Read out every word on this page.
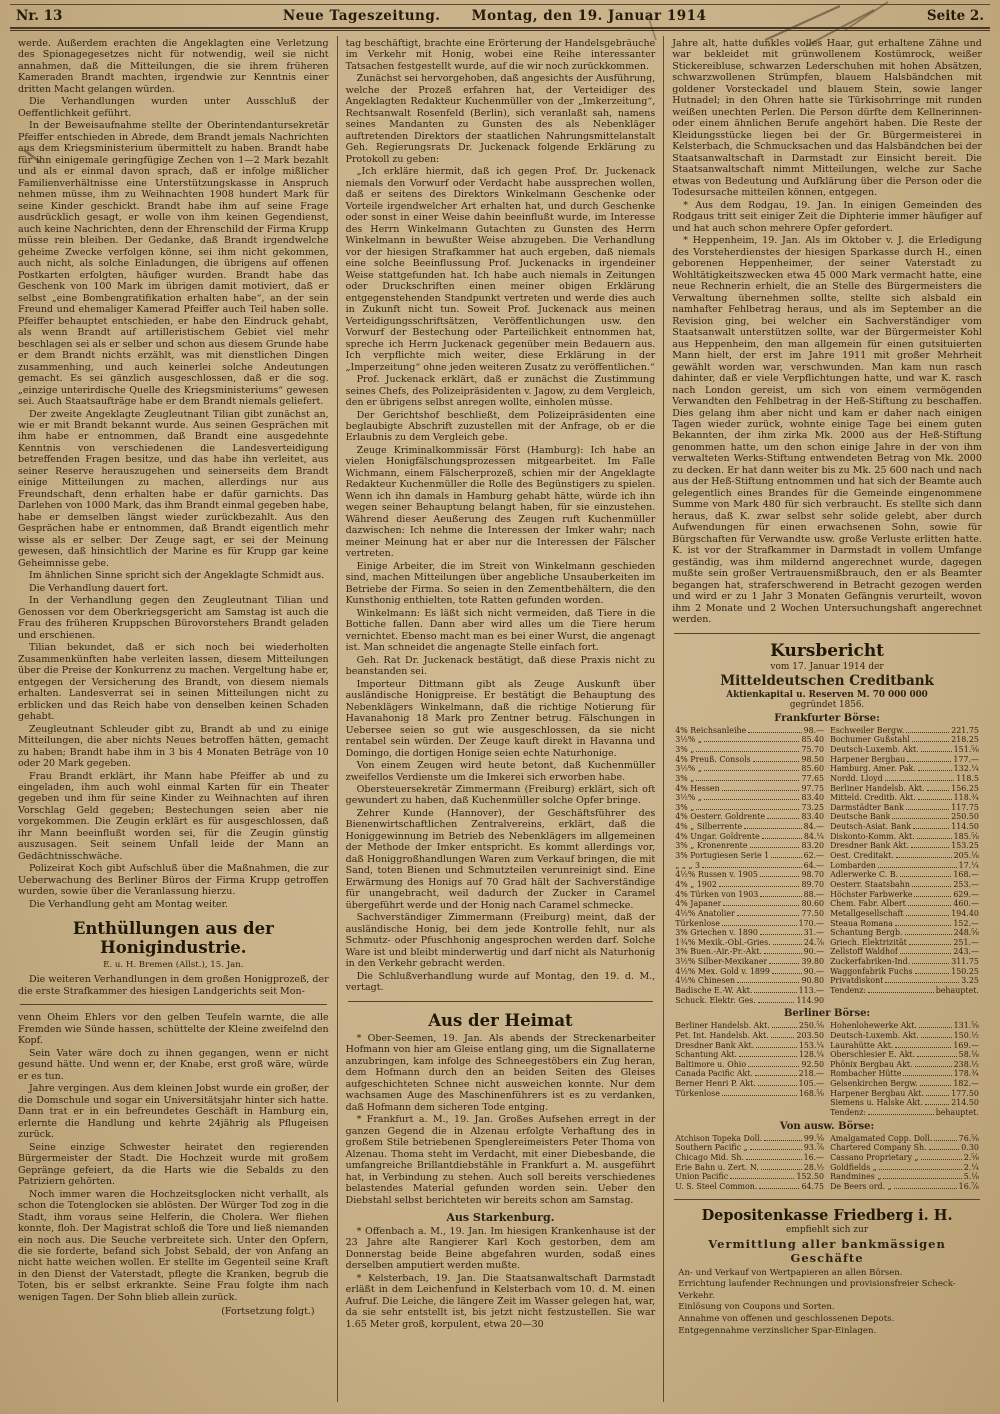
Nr. 13	Neue Tageszeitung. Montag, den 19. Januar 1914	Seite 2.
werde. Außerdem erachten die Angeklagten eine Verletzung des Spionagegesetzes nicht für notwendig, weil sie nicht annahmen, daß die Mitteilungen, die sie ihrem früheren Kameraden Brandt machten, irgendwie zur Kenntnis einer dritten Macht gelangen würden.
Die Verhandlungen wurden unter Ausschluß der Oeffentlichkeit geführt.
In der Beweisaufnahme stellte der Oberintendantursekretär Pfeiffer entschieden in Abrede, dem Brandt jemals Nachrichten aus dem Kriegsministerium übermittelt zu haben. Brandt habe für ihn einigemale geringfügige Zechen von 1—2 Mark bezahlt und als er einmal davon sprach, daß er infolge mißlicher Familienverhältnisse eine Unterstützungskasse in Anspruch nehmen müsse, ihm zu Weihnachten 1908 hundert Mark für seine Kinder geschickt. Brandt habe ihm auf seine Frage ausdrücklich gesagt, er wolle von ihm keinen Gegendienst, auch keine Nachrichten, denn der Ehrenschild der Firma Krupp müsse rein bleiben. Der Gedanke, daß Brandt irgendwelche geheime Zwecke verfolgen könne, sei ihm nicht gekommen, auch nicht, als solche Einladungen, die übrigens auf offenen Postkarten erfolgten, häufiger wurden. Brandt habe das Geschenk von 100 Mark im übrigen damit motiviert, daß er selbst „eine Bombengratifikation erhalten habe“, an der sein Freund und ehemaliger Kamerad Pfeiffer auch Teil haben solle. Pfeiffer behauptet entschieden, er habe den Eindruck gehabt, als wenn Brandt auf artilleristischem Gebiet viel mehr beschlagen sei als er selber und schon aus diesem Grunde habe er dem Brandt nichts erzählt, was mit dienstlichen Dingen zusammenhing, und auch keinerlei solche Andeutungen gemacht. Es sei gänzlich ausgeschlossen, daß er die sog. „einzige unterirdische Quelle des Kriegsministeriums“ gewesen sei. Auch Staatsaufträge habe er dem Brandt niemals geliefert.
Der zweite Angeklagte Zeugleutnant Tilian gibt zunächst an, wie er mit Brandt bekannt wurde. Aus seinen Gesprächen mit ihm habe er entnommen, daß Brandt eine ausgedehnte Kenntnis von verschiedenen die Landesverteidigung betreffenden Fragen besitze, und das habe ihn verleitet, aus seiner Reserve herauszugehen und seinerseits dem Brandt einige Mitteilungen zu machen, allerdings nur aus Freundschaft, denn erhalten habe er dafür garnichts. Das Darlehen von 1000 Mark, das ihm Brandt einmal gegeben habe, habe er demselben längst wieder zurückbezahlt. Aus den Gesprächen habe er entnommen, daß Brandt eigentlich mehr wisse als er selber. Der Zeuge sagt, er sei der Meinung gewesen, daß hinsichtlich der Marine es für Krupp gar keine Geheimnisse gebe.
Im ähnlichen Sinne spricht sich der Angeklagte Schmidt aus.
Die Verhandlung dauert fort.
In der Verhandlung gegen den Zeugleutnant Tilian und Genossen vor dem Oberkriegsgericht am Samstag ist auch die Frau des früheren Kruppschen Bürovorstehers Brandt geladen und erschienen.
Tilian bekundet, daß er sich noch bei wiederholten Zusammenkünften habe verleiten lassen, diesem Mitteilungen über die Preise der Konkurrenz zu machen. Vergeltung habe er, entgegen der Versicherung des Brandt, von diesem niemals erhalten. Landesverrat sei in seinen Mitteilungen nicht zu erblicken und das Reich habe von denselben keinen Schaden gehabt.
Zeugleutnant Schleuder gibt zu, Brandt ab und zu einige Mitteilungen, die aber nichts Neues betroffen hätten, gemacht zu haben; Brandt habe ihm in 3 bis 4 Monaten Beträge von 10 oder 20 Mark gegeben.
Frau Brandt erklärt, ihr Mann habe Pfeiffer ab und zu eingeladen, ihm auch wohl einmal Karten für ein Theater gegeben und ihm für seine Kinder zu Weihnachten auf ihren Vorschlag Geld gegeben; Bestechungen seien aber nie vorgekommen. Die Zeugin erklärt es für ausgeschlossen, daß ihr Mann beeinflußt worden sei, für die Zeugin günstig auszusagen. Seit seinem Unfall leide der Mann an Gedächtnisschwäche.
Polizeirat Koch gibt Aufschluß über die Maßnahmen, die zur Ueberwachung des Berliner Büros der Firma Krupp getroffen wurden, sowie über die Veranlassung hierzu.
Die Verhandlung geht am Montag weiter.
Enthüllungen aus der Honigindustrie.
E. u. H. Bremen (Allst.), 15. Jan.
Die weiteren Verhandlungen in dem großen Honigprozeß, der die erste Strafkammer des hiesigen Landgerichts seit Mon-
venn Oheim Ehlers vor den gelben Teufeln warnte, die alle Fremden wie Sünde hassen, schüttelte der Kleine zweifelnd den Kopf.
Sein Vater wäre doch zu ihnen gegangen, wenn er nicht gesund hätte. Und wenn er, der Knabe, erst groß wäre, würde er es tun.
Jahre vergingen. Aus dem kleinen Jobst wurde ein großer, der die Domschule und sogar ein Universitätsjahr hinter sich hatte. Dann trat er in ein befreundetes Geschäft in Hamburg ein, erlernte die Handlung und kehrte 24jährig als Pflugeisen zurück.
Seine einzige Schwester heiratet den regierenden Bürgermeister der Stadt. Die Hochzeit wurde mit großem Gepränge gefeiert, da die Harts wie die Sebalds zu den Patriziern gehörten.
Noch immer waren die Hochzeitsglocken nicht verhallt, als schon die Totenglocken sie ablösten. Der Würger Tod zog in die Stadt, ihm voraus seine Helferin, die Cholera. Wer fliehen konnte, floh. Der Magistrat schloß die Tore und ließ niemanden ein noch aus. Die Seuche verbreitete sich. Unter den Opfern, die sie forderte, befand sich Jobst Sebald, der von Anfang an nicht hatte weichen wollen. Er stellte im Gegenteil seine Kraft in den Dienst der Vaterstadt, pflegte die Kranken, begrub die Toten, bis er selbst erkrankte. Seine Frau folgte ihm nach wenigen Tagen. Der Sohn blieb allein zurück.
(Fortsetzung folgt.)
tag beschäftigt, brachte eine Erörterung der Handelsgebräuche im Verkehr mit Honig, wobei eine Reihe interessanter Tatsachen festgestellt wurde, auf die wir noch zurückkommen.
Zunächst sei hervorgehoben, daß angesichts der Ausführung, welche der Prozeß erfahren hat, der Verteidiger des Angeklagten Redakteur Kuchenmüller von der „Imkerzeitung“, Rechtsanwalt Rosenfeld (Berlin), sich veranlaßt sah, namens seines Mandanten zu Gunsten des als Nebenkläger auftretenden Direktors der staatlichen Nahrungsmittelanstalt Geh. Regierungsrats Dr. Juckenack folgende Erklärung zu Protokoll zu geben:
„Ich erkläre hiermit, daß ich gegen Prof. Dr. Juckenack niemals den Vorwurf oder Verdacht habe aussprechen wollen, daß er seitens des Direktors Winkelmann Geschenke oder Vorteile irgendwelcher Art erhalten hat, und durch Geschenke oder sonst in einer Weise dahin beeinflußt wurde, im Interesse des Herrn Winkelmann Gutachten zu Gunsten des Herrn Winkelmann in bewußter Weise abzugeben. Die Verhandlung vor der hiesigen Strafkammer hat auch ergeben, daß niemals eine solche Beeinflussung Prof. Juckenacks in irgendeiner Weise stattgefunden hat. Ich habe auch niemals in Zeitungen oder Druckschriften einen meiner obigen Erklärung entgegenstehenden Standpunkt vertreten und werde dies auch in Zukunft nicht tun. Soweit Prof. Juckenack aus meinen Verteidigungsschriftsätzen, Veröffentlichungen usw. den Vorwurf der Bestechung oder Parteilichkeit entnommen hat, spreche ich Herrn Juckenack gegenüber mein Bedauern aus. Ich verpflichte mich weiter, diese Erklärung in der „Imperzeitung“ ohne jeden weiteren Zusatz zu veröffentlichen.“
Prof. Juckenack erklärt, daß er zunächst die Zustimmung seines Chefs, des Polizeipräsidenten v. Jagow, zu dem Vergleich, den er übrigens selbst anregen wollte, einholen müsse.
Der Gerichtshof beschließt, dem Polizeipräsidenten eine beglaubigte Abschrift zuzustellen mit der Anfrage, ob er die Erlaubnis zu dem Vergleich gebe.
Zeuge Kriminalkommissär Först (Hamburg): Ich habe an vielen Honigfälschungsprozessen mitgearbeitet. Im Falle Wichmann, einem Fälscherprozeß, schien mir der Angeklagte Redakteur Kuchenmüller die Rolle des Begünstigers zu spielen. Wenn ich ihn damals in Hamburg gehabt hätte, würde ich ihn wegen seiner Behauptung belangt haben, für sie einzustehen. Während dieser Aeußerung des Zeugen ruft Kuchenmüller dazwischen: Ich nehme die Interessen der Imker wahr; nach meiner Meinung hat er aber nur die Interessen der Fälscher vertreten.
Einige Arbeiter, die im Streit von Winkelmann geschieden sind, machen Mitteilungen über angebliche Unsauberkeiten im Betriebe der Firma. So seien in den Zementbehältern, die den Kunsthonig enthielten, tote Ratten gefunden worden.
Winkelmann: Es läßt sich nicht vermeiden, daß Tiere in die Bottiche fallen. Dann aber wird alles um die Tiere herum vernichtet. Ebenso macht man es bei einer Wurst, die angenagt ist. Man schneidet die angenagte Stelle einfach fort.
Geh. Rat Dr. Juckenack bestätigt, daß diese Praxis nicht zu beanstanden sei.
Importeur Dittmann gibt als Zeuge Auskunft über ausländische Honigpreise. Er bestätigt die Behauptung des Nebenklägers Winkelmann, daß die richtige Notierung für Havanahonig 18 Mark pro Zentner betrug. Fälschungen in Uebersee seien so gut wie ausgeschlossen, da sie nicht rentabel sein würden. Der Zeuge kauft direkt in Havanna und Domingo, die dortigen Honige seien echte Naturhonige.
Von einem Zeugen wird heute betont, daß Kuchenmüller zweifellos Verdienste um die Imkerei sich erworben habe.
Obersteuersekretär Zimmermann (Freiburg) erklärt, sich oft gewundert zu haben, daß Kuchenmüller solche Opfer bringe.
Zehrer Kunde (Hannover), der Geschäftsführer des Bienenwirtschaftlichen Zentralvereins, erklärt, daß die Honiggewinnung im Betrieb des Nebenklägers im allgemeinen der Methode der Imker entspricht. Es kommt allerdings vor, daß Honiggroßhandlungen Waren zum Verkauf bringen, die mit Sand, toten Bienen und Schmutzteilen verunreinigt sind. Eine Erwärmung des Honigs auf 70 Grad hält der Sachverständige für unangebracht, weil dadurch der Zucker in Caramel übergeführt werde und der Honig nach Caramel schmecke.
Sachverständiger Zimmermann (Freiburg) meint, daß der ausländische Honig, bei dem jede Kontrolle fehlt, nur als Schmutz- oder Pfuschhonig angesprochen werden darf. Solche Ware ist und bleibt minderwertig und darf nicht als Naturhonig in den Verkehr gebracht werden.
Die Schlußverhandlung wurde auf Montag, den 19. d. M., vertagt.
Aus der Heimat
* Ober-Seemen, 19. Jan. Als abends der Streckenarbeiter Hofmann von hier am Gleise entlang ging, um die Signallaterne anzubringen, kam infolge des Schneegestöbers ein Zug heran, dem Hofmann durch den an beiden Seiten des Gleises aufgeschichteten Schnee nicht ausweichen konnte. Nur dem wachsamen Auge des Maschinenführers ist es zu verdanken, daß Hofmann dem sicheren Tode entging.
* Frankfurt a. M., 19. Jan. Großes Aufsehen erregt in der ganzen Gegend die in Alzenau erfolgte Verhaftung des in großem Stile betriebenen Spenglereimeisters Peter Thoma von Alzenau. Thoma steht im Verdacht, mit einer Diebesbande, die umfangreiche Brillantdiebstähle in Frankfurt a. M. ausgeführt hat, in Verbindung zu stehen. Auch soll bereits verschiedenes belastendes Material gefunden worden sein. Ueber den Diebstahl selbst berichteten wir bereits schon am Samstag.
Aus Starkenburg.
* Offenbach a. M., 19. Jan. Im hiesigen Krankenhause ist der 23 Jahre alte Rangierer Karl Koch gestorben, dem am Donnerstag beide Beine abgefahren wurden, sodaß eines derselben amputiert werden mußte.
* Kelsterbach, 19. Jan. Die Staatsanwaltschaft Darmstadt erläßt in dem Leichenfund in Kelsterbach vom 10. d. M. einen Aufruf. Die Leiche, die längere Zeit im Wasser gelegen hat, war, da sie sehr entstellt ist, bis jetzt nicht festzustellen. Sie war 1.65 Meter groß, korpulent, etwa 20—30
Jahre alt, hatte dunkles volles Haar, gut erhaltene Zähne und war bekleidet mit grünwollenem Kostümrock, weißer Stickereibluse, schwarzen Lederschuhen mit hohen Absätzen, schwarzwollenen Strümpfen, blauem Halsbändchen mit goldener Vorsteckadel und blauem Stein, sowie langer Hutnadel; in den Ohren hatte sie Türkisohrringe mit runden weißen unechten Perlen. Die Person dürfte dem Kellnerinnen- oder einem ähnlichen Berufe angehört haben. Die Reste der Kleidungsstücke liegen bei der Gr. Bürgermeisterei in Kelsterbach, die Schmucksachen und das Halsbändchen bei der Staatsanwaltschaft in Darmstadt zur Einsicht bereit. Die Staatsanwaltschaft nimmt Mitteilungen, welche zur Sache etwas von Bedeutung und Aufklärung über die Person oder die Todesursache mitteilen können, entgegen.
* Aus dem Rodgau, 19. Jan. In einigen Gemeinden des Rodgaus tritt seit einiger Zeit die Diphterie immer häufiger auf und hat auch schon mehrere Opfer gefordert.
* Heppenheim, 19. Jan. Als im Oktober v. J. die Erledigung des Vorsteherdienstes der hiesigen Sparkasse durch H., einen geborenen Heppenheimer, der seiner Vaterstadt zu Wohltätigkeitszwecken etwa 45 000 Mark vermacht hatte, eine neue Rechnerin erhielt, die an Stelle des Bürgermeisters die Verwaltung übernehmen sollte, stellte sich alsbald ein namhafter Fehlbetrag heraus, und als im September an die Revision ging, bei welcher ein Sachverständiger vom Staatsanwalt unterstützen sollte, war der Bürgermeister Kohl aus Heppenheim, den man allgemein für einen gutsituierten Mann hielt, der erst im Jahre 1911 mit großer Mehrheit gewählt worden war, verschwunden. Man kam nun rasch dahinter, daß er viele Verpflichtungen hatte, und war K. rasch nach London gereist, um sich von einem vermögenden Verwandten den Fehlbetrag in der Heß-Stiftung zu beschaffen. Dies gelang ihm aber nicht und kam er daher nach einigen Tagen wieder zurück, wohnte einige Tage bei einem guten Bekannten, der ihm zirka Mk. 2000 aus der Heß-Stiftung genommen hatte, um den schon einige Jahre in der von ihm verwalteten Werks-Stiftung entwendeten Betrag von Mk. 2000 zu decken. Er hat dann weiter bis zu Mk. 25 600 nach und nach aus der Heß-Stiftung entnommen und hat sich der Beamte auch gelegentlich eines Brandes für die Gemeinde eingenommene Summe von Mark 480 für sich verbraucht. Es stellte sich dann heraus, daß K. zwar selbst sehr solide gelebt, aber durch Aufwendungen für einen erwachsenen Sohn, sowie für Bürgschaften für Verwandte usw. große Verluste erlitten hatte. K. ist vor der Strafkammer in Darmstadt in vollem Umfange geständig, was ihm mildernd angerechnet wurde, dagegen mußte sein großer Vertrauensmißbrauch, den er als Beamter begangen hat, straferschwerend in Betracht gezogen werden und wird er zu 1 Jahr 3 Monaten Gefängnis verurteilt, wovon ihm 2 Monate und 2 Wochen Untersuchungshaft angerechnet werden.
Kursbericht
vom 17. Januar 1914 der
Mitteldeutschen Creditbank
Aktienkapital u. Reserven M. 70 000 000
gegründet 1856.
Frankfurter Börse:
4% Reichsanleihe	98.—
3½% „	85.40
3% „	75.70
4% Preuß. Consols	98.50
3½% „	85.60
3% „	77.65
4% Hessen	97.75
3½% „	83.40
3% „	73.25
4% Oesterr. Goldrente	83.40
4% „ Silberrente	84.—
4% Ungar. Goldrente	84.¼
3% „ Kronenrente	83.20
3% Portugiesen Serie 1	62.—
„ „ „ 3	64.—
4½% Russen v. 1905	98.70
4% „ 1902	89.70
4% Türken von 1903	88.—
4% Japaner	80.60
4½% Anatolier	77.50
Türkenlose	170.—
3% Griechen v. 1890	31.—
1¾% Mexik.-Obl.-Gries.	24.⅞
3% Buen.-Air.-Pr.-Akt.	90.—
3½% Silber-Mexikaner	39.80
4½% Mex. Gold v. 1899	90.—
4½% Chinesen	90.80
Badische E.-W. Akt.	113.—
Schuck. Elektr. Ges.	114.90
Eschweiler Bergw.	221.75
Bochumer Gußstahl	218.25
Deutsch-Luxemb. Akt.	151.⅝
Harpener Bergbau	177.—
Hamburg. Amer. Pak.	132.¼
Nordd. Lloyd	118.5
Berliner Handelsb. Akt.	156.25
Mitteld. Creditb. Akt.	118.¾
Darmstädter Bank	117.75
Deutsche Bank	250.50
Deutsch-Asiat. Bank	114.50
Diskonto-Komm. Akt.	185.⅝
Dresdner Bank Akt.	153.25
Oest. Creditakt.	205.⅛
Lombarden	17.¼
Adlerwerke C. B.	168.—
Oesterr. Staatsbahn	253.—
Höchster Farbwerke	629.—
Chem. Fabr. Albert	460.—
Metallgesellschaft	194.40
Steaua Romana	152.—
Schantung Bergb.	248.⅝
Griech. Elektrizität	251.—
Zellstoff Waldhof	243.—
Zuckerfabriken-Ind.	311.75
Waggonfabrik Fuchs	150.25
Privatdiskont	3.25
Tendenz:	behauptet.
Berliner Börse:
Berliner Handelsb. Akt.	250.⅝
Pet. Int. Handelsb. Akt.	203.50
Dresdner Bank Akt.	153.¼
Schantung Akt.	128.¼
Baltimore u. Ohio	92.50
Canada Pacific Akt.	218.—
Berner Henri P. Akt.	105.—
Türkenlose	168.⅝
Hohenlohewerke Akt.	131.⅝
Deutsch-Luxemb. Akt.	150.½
Laurahütte Akt.	169.—
Oberschlesier E. Akt.	58.⅛
Phönix Bergbau Akt.	238.½
Rombacher Hütte	178.¾
Gelsenkirchen Bergw.	182.—
Harpener Bergbau Akt.	177.50
Siemens u. Halske Akt.	214.50
Tendenz:	behauptet.
Von ausw. Börse:
Atchison Topeka Doll.	99.⅝
Southern Pacific „	93.⅞
Chicago Mid. Sh.	16.—
Erie Bahn u. Zert. N.	28.½
Union Pacific	152.50
U. S. Steel Common.	64.75
Amalgamated Copp. Doll.	76.⅝
Chartered Company Sh.	0.30
Cassano Proprietary „	2.⅝
Goldfields „	2.¼
Randmines „	5.⅛
De Beers ord. „	16.⅞
Depositenkasse Friedberg i. H.
empfiehlt sich zur
Vermittlung aller bankmässigen Geschäfte
An- und Verkauf von Wertpapieren an allen Börsen.
Errichtung laufender Rechnungen und provisionsfreier Scheck-Verkehr.
Einlösung von Coupons und Sorten.
Annahme von offenen und geschlossenen Depots.
Entgegennahme verzinslicher Spar-Einlagen.
